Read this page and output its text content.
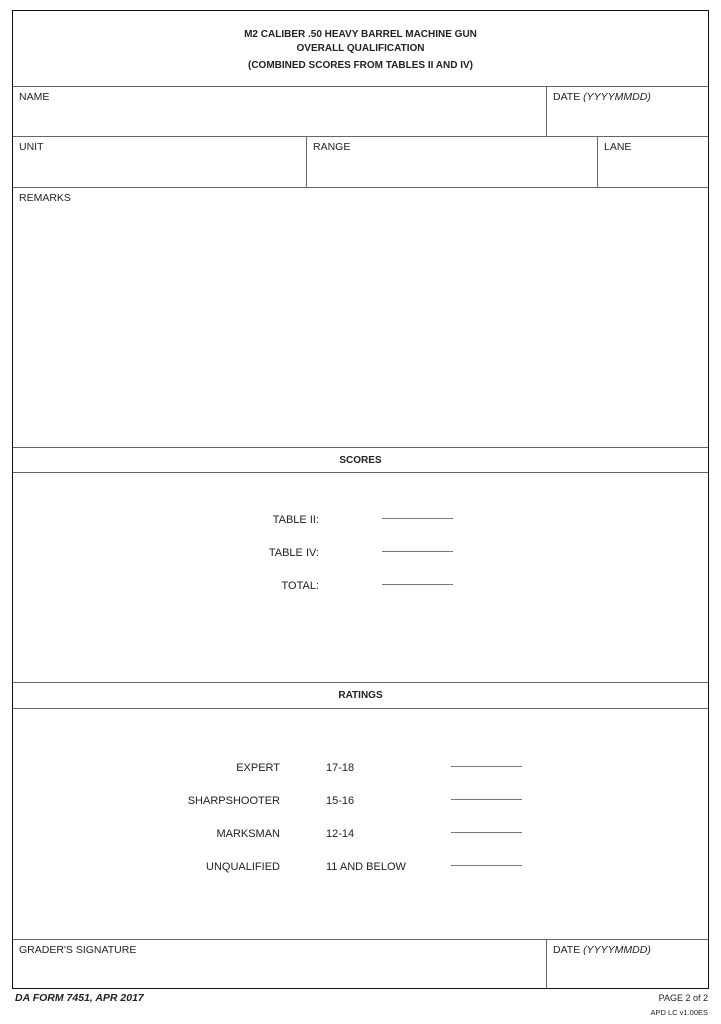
M2 CALIBER .50 HEAVY BARREL MACHINE GUN
OVERALL QUALIFICATION
(COMBINED SCORES FROM TABLES II AND IV)
NAME	DATE (YYYYMMDD)
UNIT	RANGE	LANE
REMARKS
SCORES
TABLE II:
TABLE IV:
TOTAL:
RATINGS
EXPERT	17-18
SHARPSHOOTER	15-16
MARKSMAN	12-14
UNQUALIFIED	11 AND BELOW
GRADER'S SIGNATURE	DATE (YYYYMMDD)
DA FORM 7451, APR 2017	PAGE 2 of 2
APD LC v1.00ES
